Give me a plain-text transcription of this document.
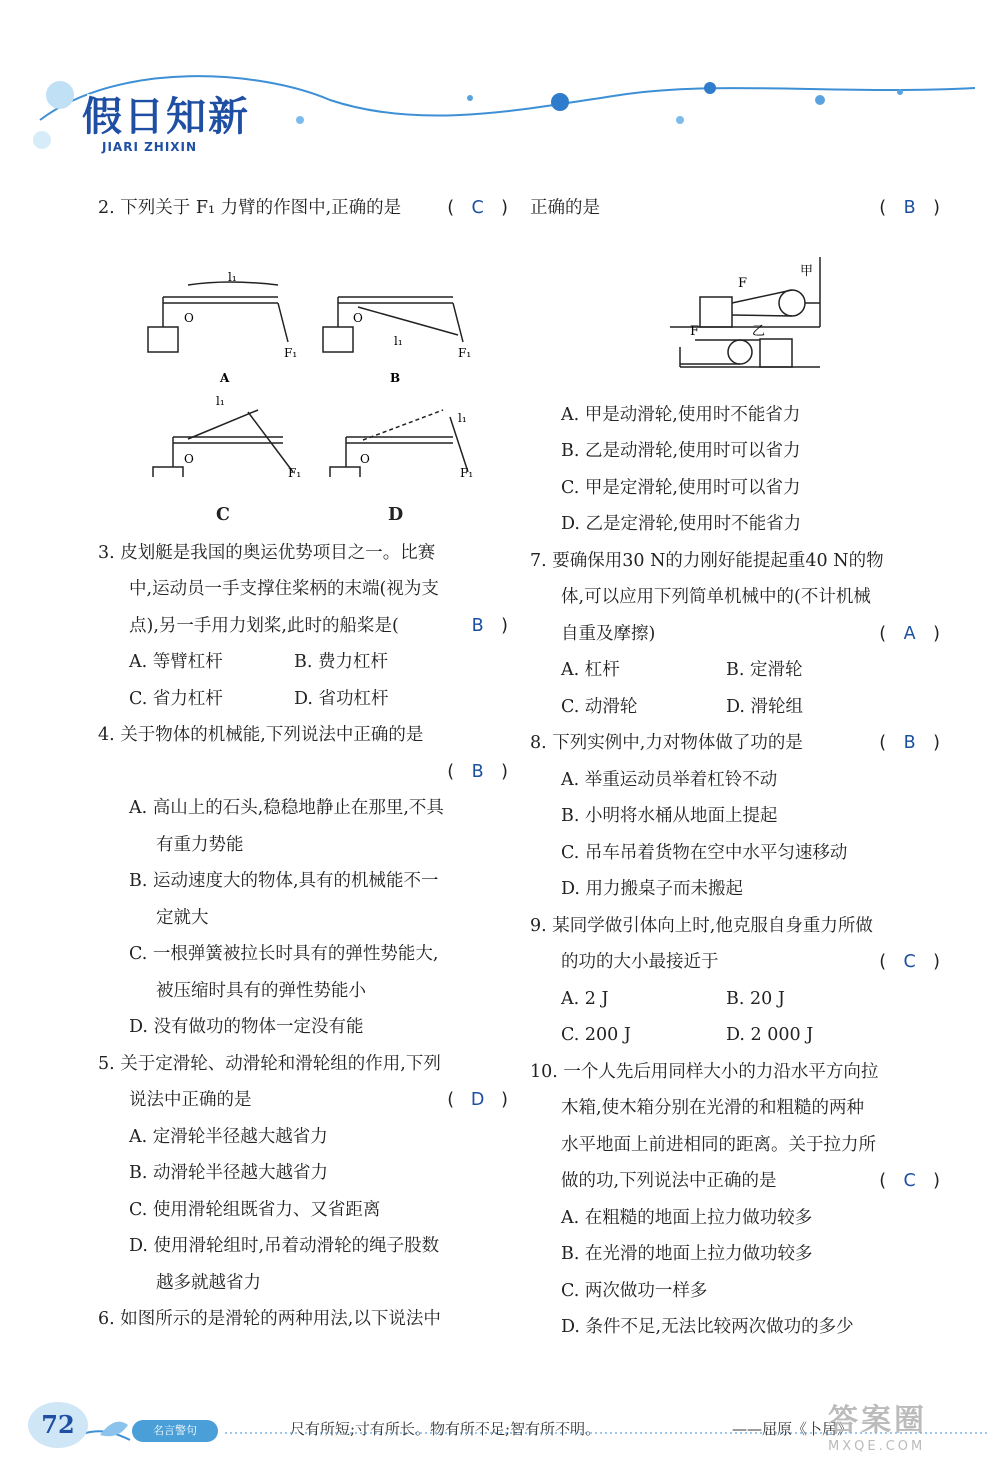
假日知新
JIARI ZHIXIN
2. 下列关于 F₁ 力臂的作图中,正确的是	( C )
l₁
O
F₁
A
l₁
O
F₁
B
l₁
O
F₁
l₁
O
F₁
C	D
3. 皮划艇是我国的奥运优势项目之一。比赛
中,运动员一手支撑住桨柄的末端(视为支
点),另一手用力划桨,此时的船桨是(	B )
A. 等臂杠杆	B. 费力杠杆
C. 省力杠杆	D. 省功杠杆
4. 关于物体的机械能,下列说法中正确的是
( B )
A. 高山上的石头,稳稳地静止在那里,不具
有重力势能
B. 运动速度大的物体,具有的机械能不一
定就大
C. 一根弹簧被拉长时具有的弹性势能大,
被压缩时具有的弹性势能小
D. 没有做功的物体一定没有能
5. 关于定滑轮、动滑轮和滑轮组的作用,下列
说法中正确的是	( D )
A. 定滑轮半径越大越省力
B. 动滑轮半径越大越省力
C. 使用滑轮组既省力、又省距离
D. 使用滑轮组时,吊着动滑轮的绳子股数
越多就越省力
6. 如图所示的是滑轮的两种用法,以下说法中
正确的是	( B )
F
甲
F	乙
A. 甲是动滑轮,使用时不能省力
B. 乙是动滑轮,使用时可以省力
C. 甲是定滑轮,使用时可以省力
D. 乙是定滑轮,使用时不能省力
7. 要确保用30 N的力刚好能提起重40 N的物
体,可以应用下列简单机械中的(不计机械
自重及摩擦)	( A )
A. 杠杆	B. 定滑轮
C. 动滑轮	D. 滑轮组
8. 下列实例中,力对物体做了功的是	( B )
A. 举重运动员举着杠铃不动
B. 小明将水桶从地面上提起
C. 吊车吊着货物在空中水平匀速移动
D. 用力搬桌子而未搬起
9. 某同学做引体向上时,他克服自身重力所做
的功的大小最接近于	( C )
A. 2 J	B. 20 J
C. 200 J	D. 2 000 J
10. 一个人先后用同样大小的力沿水平方向拉
木箱,使木箱分别在光滑的和粗糙的两种
水平地面上前进相同的距离。关于拉力所
做的功,下列说法中正确的是	( C )
A. 在粗糙的地面上拉力做功较多
B. 在光滑的地面上拉力做功较多
C. 两次做功一样多
D. 条件不足,无法比较两次做功的多少
72	名言警句	尺有所短;寸有所长。物有所不足;智有所不明。	——屈原《卜居》
答案圈
MXQE.COM
